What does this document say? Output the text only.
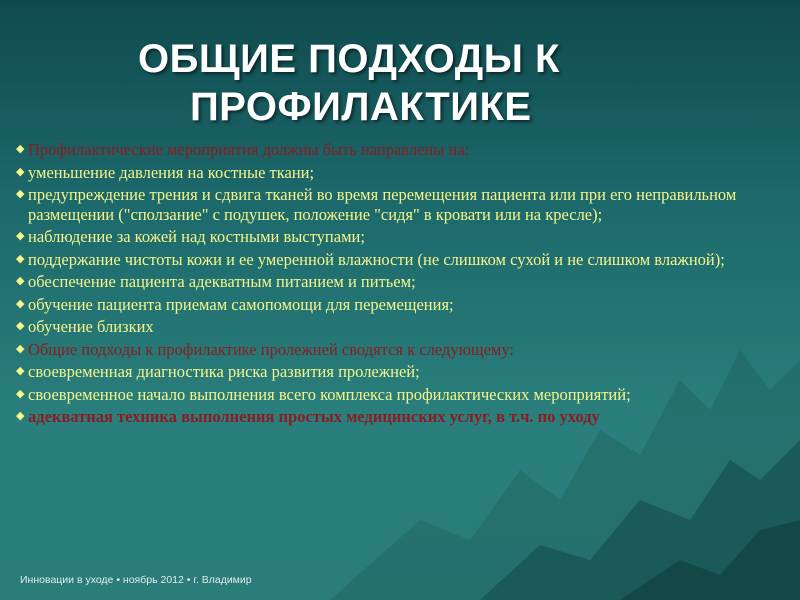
ОБЩИЕ ПОДХОДЫ К
ПРОФИЛАКТИКЕ
◆ Профилактические мероприятия должны быть направлены на:
◆ уменьшение давления на костные ткани;
◆ предупреждение трения и сдвига тканей во время перемещения пациента или при его неправильном размещении ("сползание" с подушек, положение "сидя" в кровати или на кресле);
◆ наблюдение за кожей над костными выступами;
◆ поддержание чистоты кожи и ее умеренной влажности (не слишком сухой и не слишком влажной);
◆ обеспечение пациента адекватным питанием и питьем;
◆ обучение пациента приемам самопомощи для перемещения;
◆ обучение близких
◆ Общие подходы к профилактике пролежней сводятся к следующему:
◆ своевременная диагностика риска развития пролежней;
◆ своевременное начало выполнения всего комплекса профилактических мероприятий;
◆ адекватная техника выполнения простых медицинских услуг, в т.ч. по уходу
Инновации в уходе • ноябрь 2012 • г. Владимир
